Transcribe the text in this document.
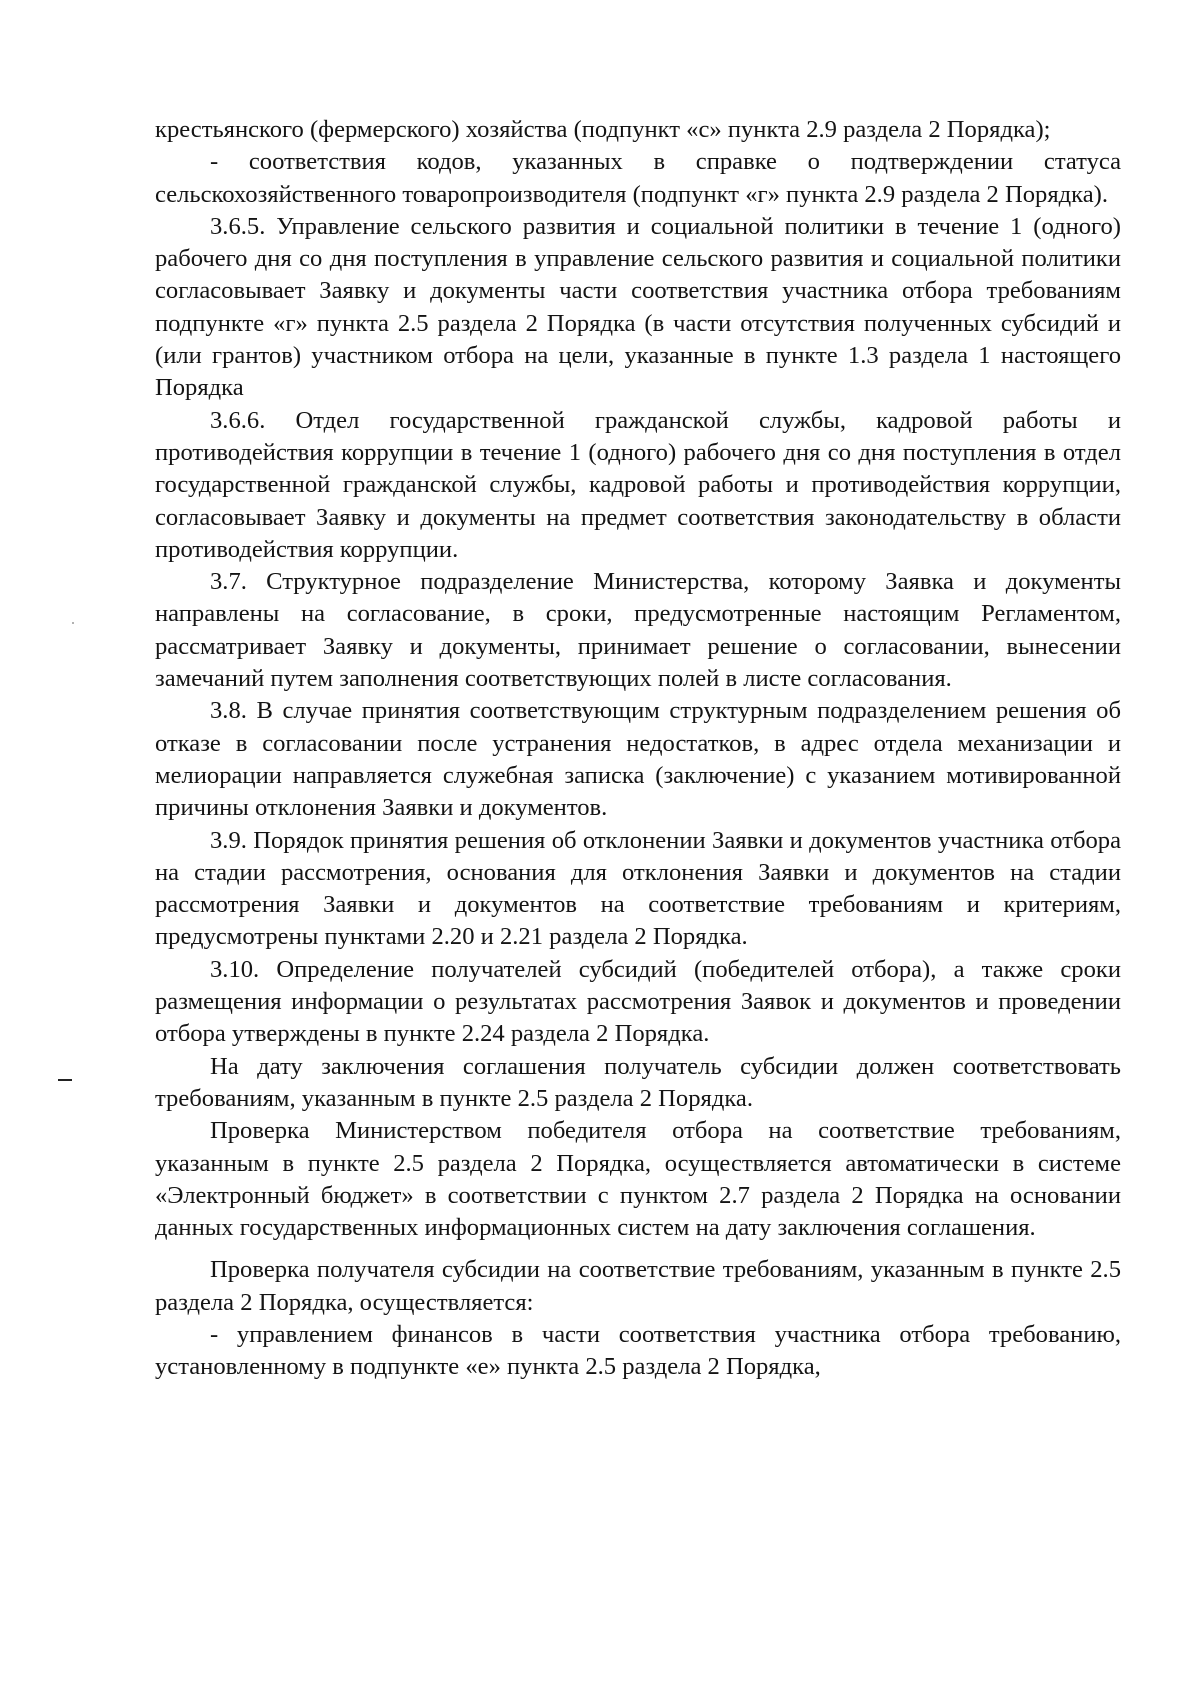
крестьянского (фермерского) хозяйства (подпункт «с» пункта 2.9 раздела 2 Порядка);

- соответствия кодов, указанных в справке о подтверждении статуса сельскохозяйственного товаропроизводителя (подпункт «г» пункта 2.9 раздела 2 Порядка).

3.6.5. Управление сельского развития и социальной политики в течение 1 (одного) рабочего дня со дня поступления в управление сельского развития и социальной политики согласовывает Заявку и документы части соответствия участника отбора требованиям подпункте «г» пункта 2.5 раздела 2 Порядка (в части отсутствия полученных субсидий и (или грантов) участником отбора на цели, указанные в пункте 1.3 раздела 1 настоящего Порядка

3.6.6. Отдел государственной гражданской службы, кадровой работы и противодействия коррупции в течение 1 (одного) рабочего дня со дня поступления в отдел государственной гражданской службы, кадровой работы и противодействия коррупции, согласовывает Заявку и документы на предмет соответствия законодательству в области противодействия коррупции.

3.7. Структурное подразделение Министерства, которому Заявка и документы направлены на согласование, в сроки, предусмотренные настоящим Регламентом, рассматривает Заявку и документы, принимает решение о согласовании, вынесении замечаний путем заполнения соответствующих полей в листе согласования.

3.8. В случае принятия соответствующим структурным подразделением решения об отказе в согласовании после устранения недостатков, в адрес отдела механизации и мелиорации направляется служебная записка (заключение) с указанием мотивированной причины отклонения Заявки и документов.

3.9. Порядок принятия решения об отклонении Заявки и документов участника отбора на стадии рассмотрения, основания для отклонения Заявки и документов на стадии рассмотрения Заявки и документов на соответствие требованиям и критериям, предусмотрены пунктами 2.20 и 2.21 раздела 2 Порядка.

3.10. Определение получателей субсидий (победителей отбора), а также сроки размещения информации о результатах рассмотрения Заявок и документов и проведении отбора утверждены в пункте 2.24 раздела 2 Порядка.

На дату заключения соглашения получатель субсидии должен соответствовать требованиям, указанным в пункте 2.5 раздела 2 Порядка.

Проверка Министерством победителя отбора на соответствие требованиям, указанным в пункте 2.5 раздела 2 Порядка, осуществляется автоматически в системе «Электронный бюджет» в соответствии с пунктом 2.7 раздела 2 Порядка на основании данных государственных информационных систем на дату заключения соглашения.

Проверка получателя субсидии на соответствие требованиям, указанным в пункте 2.5 раздела 2 Порядка, осуществляется:

- управлением финансов в части соответствия участника отбора требованию, установленному в подпункте «е» пункта 2.5 раздела 2 Порядка,
